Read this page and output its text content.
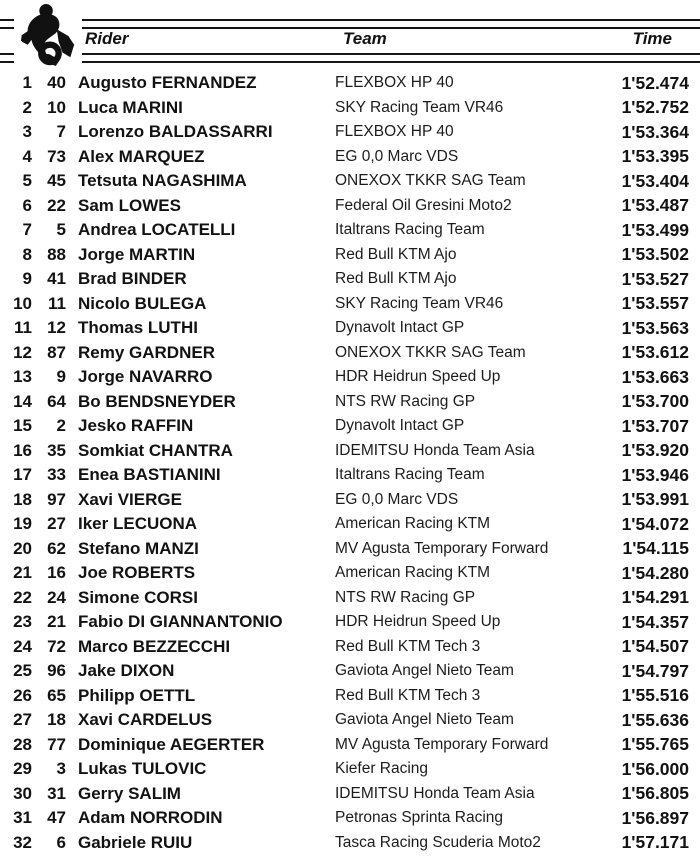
Rider	Team	Time
1 40 Augusto FERNANDEZ	FLEXBOX HP 40	1'52.474
2 10 Luca MARINI	SKY Racing Team VR46	1'52.752
3	7 Lorenzo BALDASSARRI	FLEXBOX HP 40	1'53.364
4 73 Alex MARQUEZ	EG 0,0 Marc VDS	1'53.395
5 45 Tetsuta NAGASHIMA	ONEXOX TKKR SAG Team	1'53.404
6 22 Sam LOWES	Federal Oil Gresini Moto2	1'53.487
7	5 Andrea LOCATELLI	Italtrans Racing Team	1'53.499
8 88 Jorge MARTIN	Red Bull KTM Ajo	1'53.502
9 41 Brad BINDER	Red Bull KTM Ajo	1'53.527
10 11 Nicolo BULEGA	SKY Racing Team VR46	1'53.557
11 12 Thomas LUTHI	Dynavolt Intact GP	1'53.563
12 87 Remy GARDNER	ONEXOX TKKR SAG Team	1'53.612
13	9 Jorge NAVARRO	HDR Heidrun Speed Up	1'53.663
14 64 Bo BENDSNEYDER	NTS RW Racing GP	1'53.700
15	2 Jesko RAFFIN	Dynavolt Intact GP	1'53.707
16 35 Somkiat CHANTRA	IDEMITSU Honda Team Asia	1'53.920
17 33 Enea BASTIANINI	Italtrans Racing Team	1'53.946
18 97 Xavi VIERGE	EG 0,0 Marc VDS	1'53.991
19 27 Iker LECUONA	American Racing KTM	1'54.072
20 62 Stefano MANZI	MV Agusta Temporary Forward	1'54.115
21 16 Joe ROBERTS	American Racing KTM	1'54.280
22 24 Simone CORSI	NTS RW Racing GP	1'54.291
23 21 Fabio DI GIANNANTONIO	HDR Heidrun Speed Up	1'54.357
24 72 Marco BEZZECCHI	Red Bull KTM Tech 3	1'54.507
25 96 Jake DIXON	Gaviota Angel Nieto Team	1'54.797
26 65 Philipp OETTL	Red Bull KTM Tech 3	1'55.516
27 18 Xavi CARDELUS	Gaviota Angel Nieto Team	1'55.636
28 77 Dominique AEGERTER	MV Agusta Temporary Forward	1'55.765
29	3 Lukas TULOVIC	Kiefer Racing	1'56.000
30 31 Gerry SALIM	IDEMITSU Honda Team Asia	1'56.805
31 47 Adam NORRODIN	Petronas Sprinta Racing	1'56.897
32	6 Gabriele RUIU	Tasca Racing Scuderia Moto2	1'57.171
